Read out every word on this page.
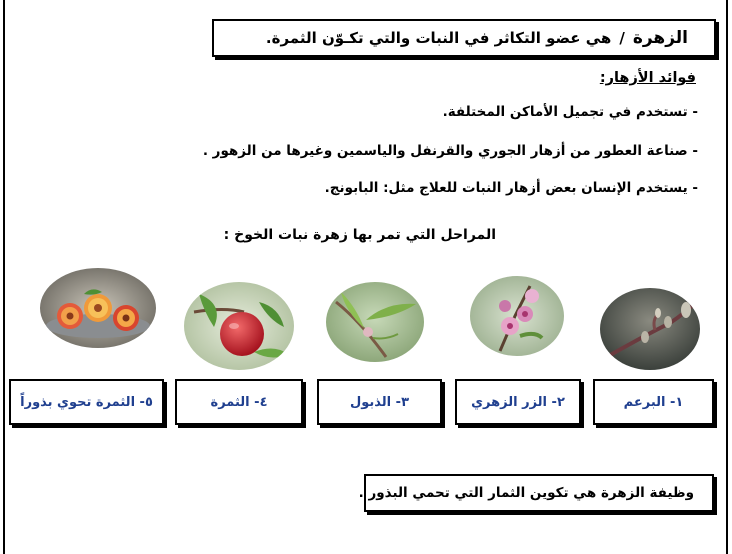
الزهرة
/
هي عضو التكاثر في النبات والتي تكـوّن الثمرة.
فوائد الأزهار:
- تستخدم في تجميل الأماكن المختلفة.
- صناعة العطور من أزهار الجوري والقرنفل والياسمين وغيرها من الزهور .
- يستخدم الإنسان بعض أزهار النبات للعلاج مثل: البابونج.
المراحل التي تمر بها زهرة نبات الخوخ :
١- البرعم
٢- الزر الزهري
٣- الذبول
٤- الثمرة
٥- الثمرة تحوي بذوراً
وظيفة الزهرة هي تكوين الثمار التي تحمي البذور .
